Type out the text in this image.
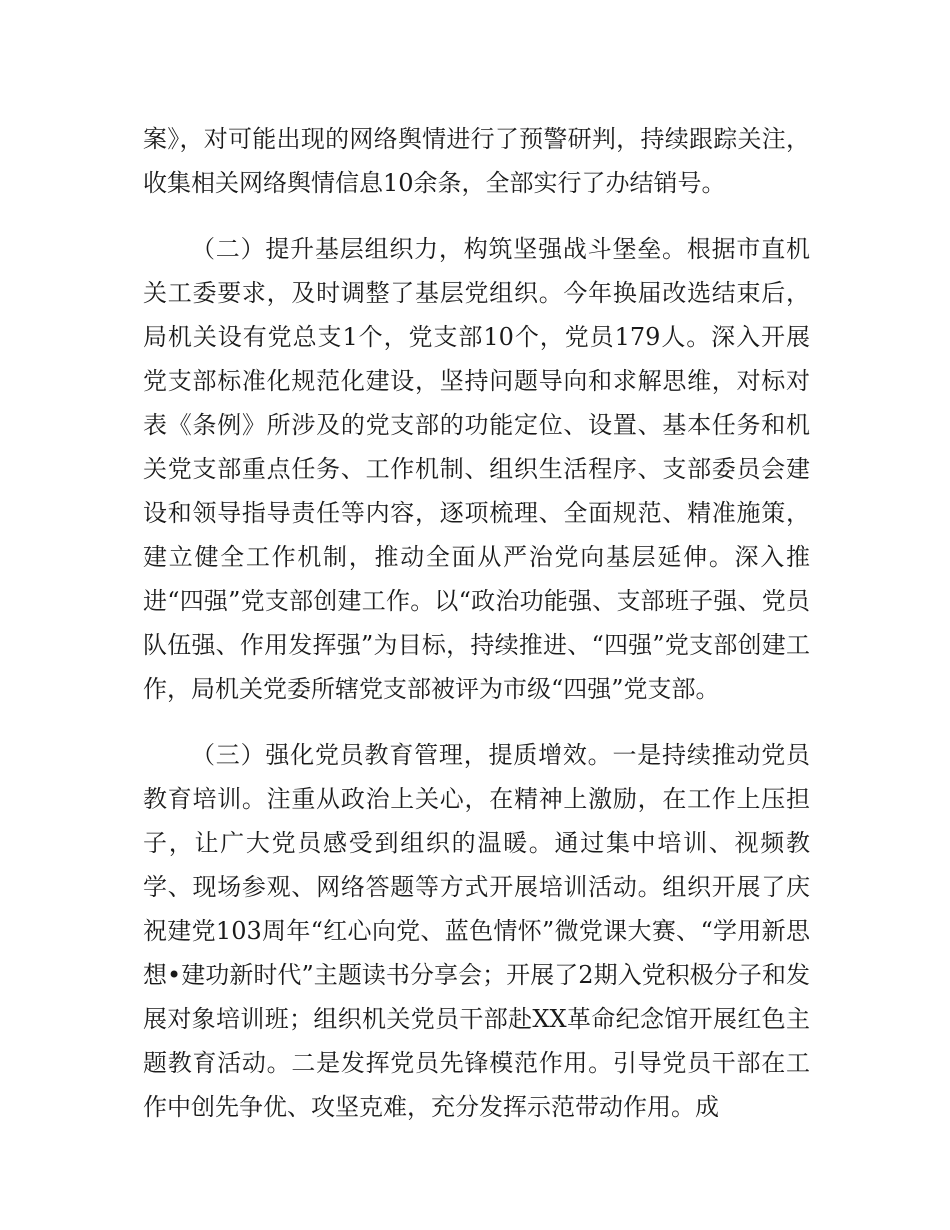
案》，对可能出现的网络舆情进行了预警研判，持续跟踪关注，收集相关网络舆情信息10余条，全部实行了办结销号。

（二）提升基层组织力，构筑坚强战斗堡垒。根据市直机关工委要求，及时调整了基层党组织。今年换届改选结束后，局机关设有党总支1个，党支部10个，党员179人。深入开展党支部标准化规范化建设，坚持问题导向和求解思维，对标对表《条例》所涉及的党支部的功能定位、设置、基本任务和机关党支部重点任务、工作机制、组织生活程序、支部委员会建设和领导指导责任等内容，逐项梳理、全面规范、精准施策，建立健全工作机制，推动全面从严治党向基层延伸。深入推进“四强”党支部创建工作。以“政治功能强、支部班子强、党员队伍强、作用发挥强”为目标，持续推进、“四强”党支部创建工作，局机关党委所辖党支部被评为市级“四强”党支部。

（三）强化党员教育管理，提质增效。一是持续推动党员教育培训。注重从政治上关心，在精神上激励，在工作上压担子，让广大党员感受到组织的温暖。通过集中培训、视频教学、现场参观、网络答题等方式开展培训活动。组织开展了庆祝建党103周年“红心向党、蓝色情怀”微党课大赛、“学用新思想•建功新时代”主题读书分享会；开展了2期入党积极分子和发展对象培训班；组织机关党员干部赴XX革命纪念馆开展红色主题教育活动。二是发挥党员先锋模范作用。引导党员干部在工作中创先争优、攻坚克难，充分发挥示范带动作用。成
